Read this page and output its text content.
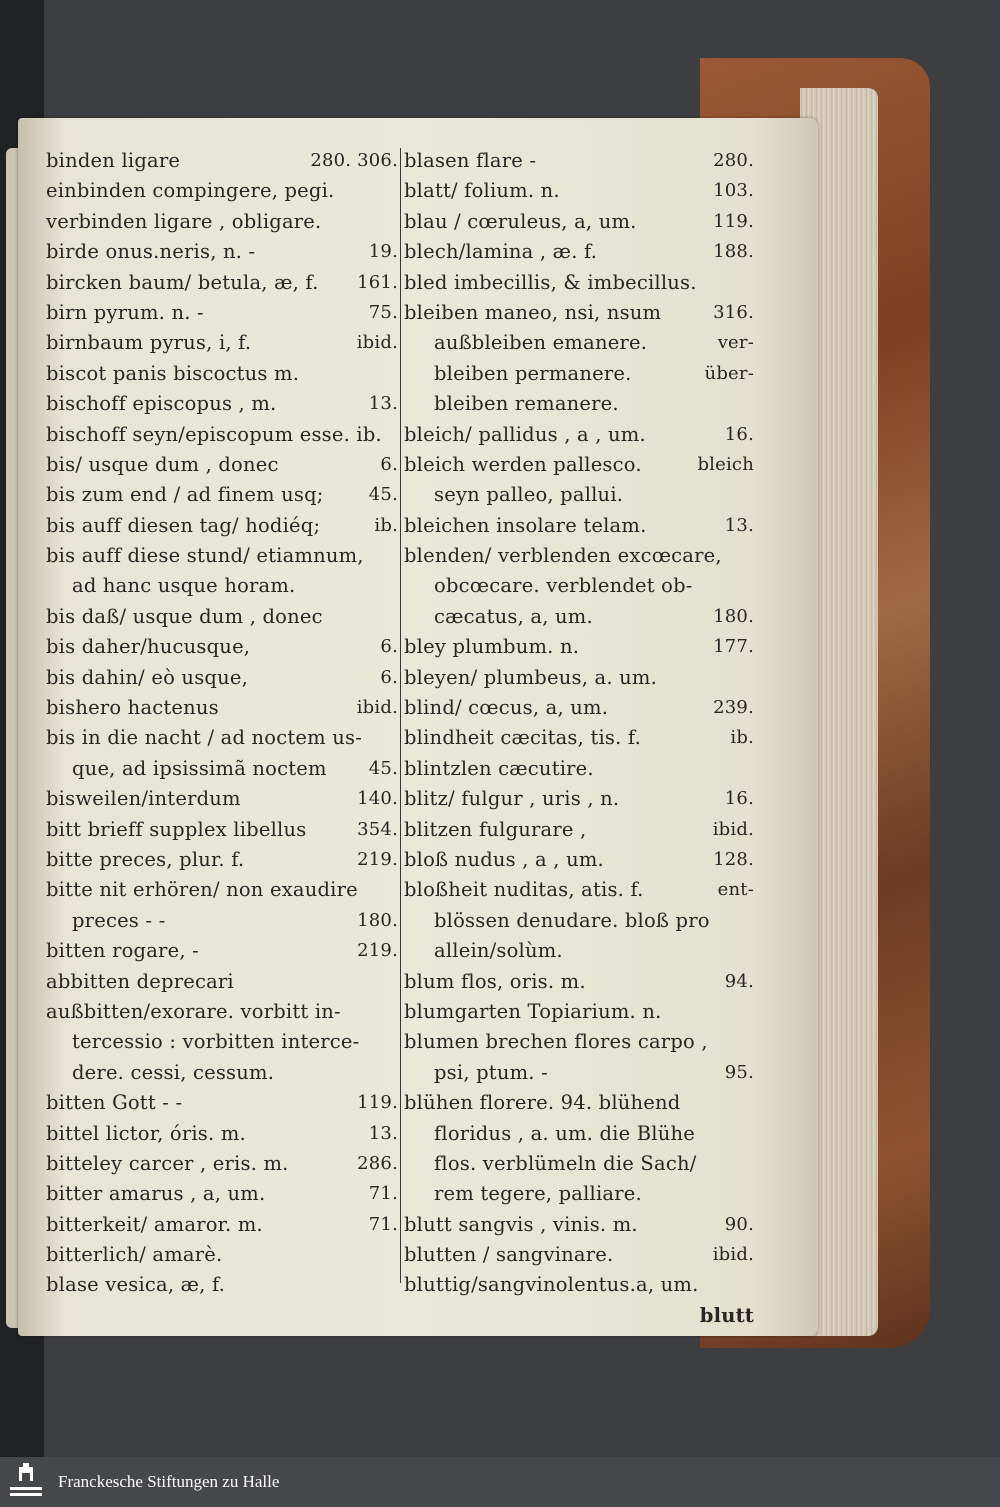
binden ligare	280. 306.
einbinden compingere, pegi.
verbinden ligare , obligare.
birde onus.neris, n. -	19.
bircken baum/ betula, æ, f. 161.
birn pyrum. n. -	75.
birnbaum pyrus, i, f.	ibid.
biscot panis biscoctus m.
bischoff episcopus , m.	13.
bischoff seyn/episcopum esse. ib.
bis/ usque dum , donec	6.
bis zum end / ad finem usq;	45.
bis auff diesen tag/ hodiéq;	ib.
bis auff diese stund/ etiamnum,
ad hanc usque horam.
bis daß/ usque dum , donec
bis daher/hucusque,	6.
bis dahin/ eò usque,	6.
bishero hactenus	ibid.
bis in die nacht / ad noctem us-
que, ad ipsissimã noctem 45.
bisweilen/interdum	140.
bitt brieff supplex libellus	354.
bitte preces, plur. f.	219.
bitte nit erhören/ non exaudire
preces - -	180.
bitten rogare, -	219.
abbitten deprecari
außbitten/exorare. vorbitt in-
tercessio : vorbitten interce-
dere. cessi, cessum.
bitten Gott - -	119.
bittel lictor, óris. m.	13.
bitteley carcer , eris. m.	286.
bitter amarus , a, um.	71.
bitterkeit/ amaror. m.	71.
bitterlich/ amarè.
blase vesica, æ, f.
blasen flare -	280.
blatt/ folium. n.	103.
blau / cœruleus, a, um.	119.
blech/lamina , æ. f.	188.
bled imbecillis, & imbecillus.
bleiben maneo, nsi, nsum	316.
außbleiben emanere.	ver-
bleiben permanere.	über-
bleiben remanere.
bleich/ pallidus , a , um.	16.
bleich werden pallesco.	bleich
seyn palleo, pallui.
bleichen insolare telam.	13.
blenden/ verblenden excœcare,
obcœcare. verblendet ob-
cæcatus, a, um.	180.
bley plumbum. n.	177.
bleyen/ plumbeus, a. um.
blind/ cœcus, a, um.	239.
blindheit cæcitas, tis. f.	ib.
blintzlen cæcutire.
blitz/ fulgur , uris , n.	16.
blitzen fulgurare ,	ibid.
bloß nudus , a , um.	128.
bloßheit nuditas, atis. f.	ent-
blössen denudare. bloß pro
allein/solùm.
blum flos, oris. m.	94.
blumgarten Topiarium. n.
blumen brechen flores carpo ,
psi, ptum. -	95.
blühen florere. 94. blühend
floridus , a. um. die Blühe
flos. verblümeln die Sach/
rem tegere, palliare.
blutt sangvis , vinis. m.	90.
blutten / sangvinare.	ibid.
bluttig/sangvinolentus.a, um.
blutt
Franckesche Stiftungen zu Halle
